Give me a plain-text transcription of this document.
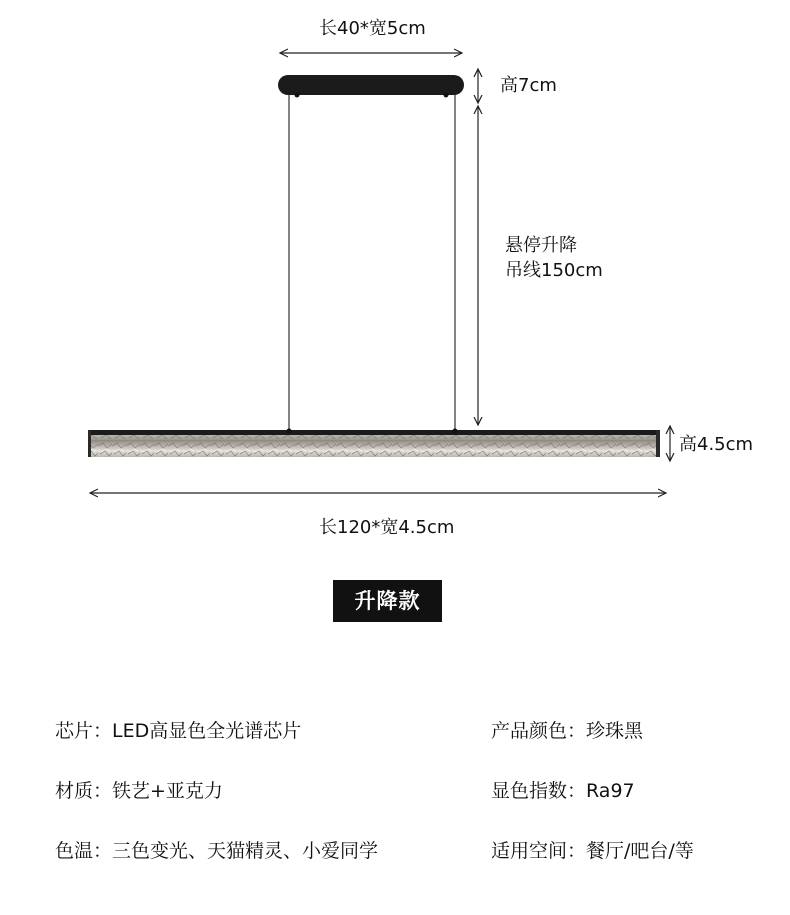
长40*宽5cm
高7cm
悬停升降
吊线150cm
高4.5cm
长120*宽4.5cm
升降款
芯片：LED高显色全光谱芯片
材质：铁艺+亚克力
色温：三色变光、天猫精灵、小爱同学
产品颜色：珍珠黑
显色指数：Ra97
适用空间：餐厅/吧台/等
